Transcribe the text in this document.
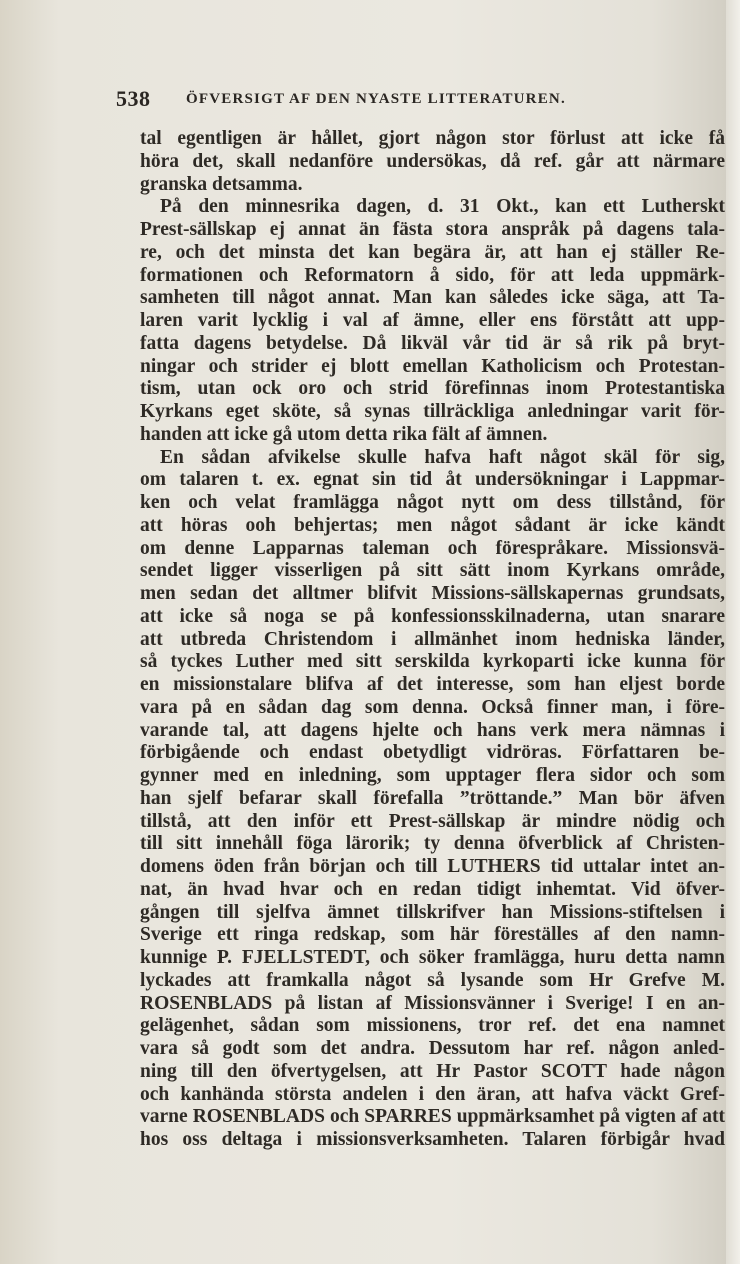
538 ÖFVERSIGT AF DEN NYASTE LITTERATUREN.
tal egentligen är hållet, gjort någon stor förlust att icke få
höra det, skall nedanföre undersökas, då ref. går att närmare
granska detsamma.
På den minnesrika dagen, d. 31 Okt., kan ett Lutherskt
Prest-sällskap ej annat än fästa stora anspråk på dagens tala-
re, och det minsta det kan begära är, att han ej ställer Re-
formationen och Reformatorn å sido, för att leda uppmärk-
samheten till något annat. Man kan således icke säga, att Ta-
laren varit lycklig i val af ämne, eller ens förstått att upp-
fatta dagens betydelse. Då likväl vår tid är så rik på bryt-
ningar och strider ej blott emellan Katholicism och Protestan-
tism, utan ock oro och strid förefinnas inom Protestantiska
Kyrkans eget sköte, så synas tillräckliga anledningar varit för-
handen att icke gå utom detta rika fält af ämnen.
En sådan afvikelse skulle hafva haft något skäl för sig,
om talaren t. ex. egnat sin tid åt undersökningar i Lappmar-
ken och velat framlägga något nytt om dess tillstånd, för
att höras ooh behjertas; men något sådant är icke kändt
om denne Lapparnas taleman och förespråkare. Missionsvä-
sendet ligger visserligen på sitt sätt inom Kyrkans område,
men sedan det alltmer blifvit Missions-sällskapernas grundsats,
att icke så noga se på konfessionsskilnaderna, utan snarare
att utbreda Christendom i allmänhet inom hedniska länder,
så tyckes Luther med sitt serskilda kyrkoparti icke kunna för
en missionstalare blifva af det interesse, som han eljest borde
vara på en sådan dag som denna. Också finner man, i före-
varande tal, att dagens hjelte och hans verk mera nämnas i
förbigående och endast obetydligt vidröras. Författaren be-
gynner med en inledning, som upptager flera sidor och som
han sjelf befarar skall förefalla ”tröttande.” Man bör äfven
tillstå, att den inför ett Prest-sällskap är mindre nödig och
till sitt innehåll föga lärorik; ty denna öfverblick af Christen-
domens öden från början och till LUTHERS tid uttalar intet an-
nat, än hvad hvar och en redan tidigt inhemtat. Vid öfver-
gången till sjelfva ämnet tillskrifver han Missions-stiftelsen i
Sverige ett ringa redskap, som här föreställes af den namn-
kunnige P. FJELLSTEDT, och söker framlägga, huru detta namn
lyckades att framkalla något så lysande som Hr Grefve M.
ROSENBLADS på listan af Missionsvänner i Sverige! I en an-
gelägenhet, sådan som missionens, tror ref. det ena namnet
vara så godt som det andra. Dessutom har ref. någon anled-
ning till den öfvertygelsen, att Hr Pastor SCOTT hade någon
och kanhända största andelen i den äran, att hafva väckt Gref-
varne ROSENBLADS och SPARRES uppmärksamhet på vigten af att
hos oss deltaga i missionsverksamheten. Talaren förbigår hvad
